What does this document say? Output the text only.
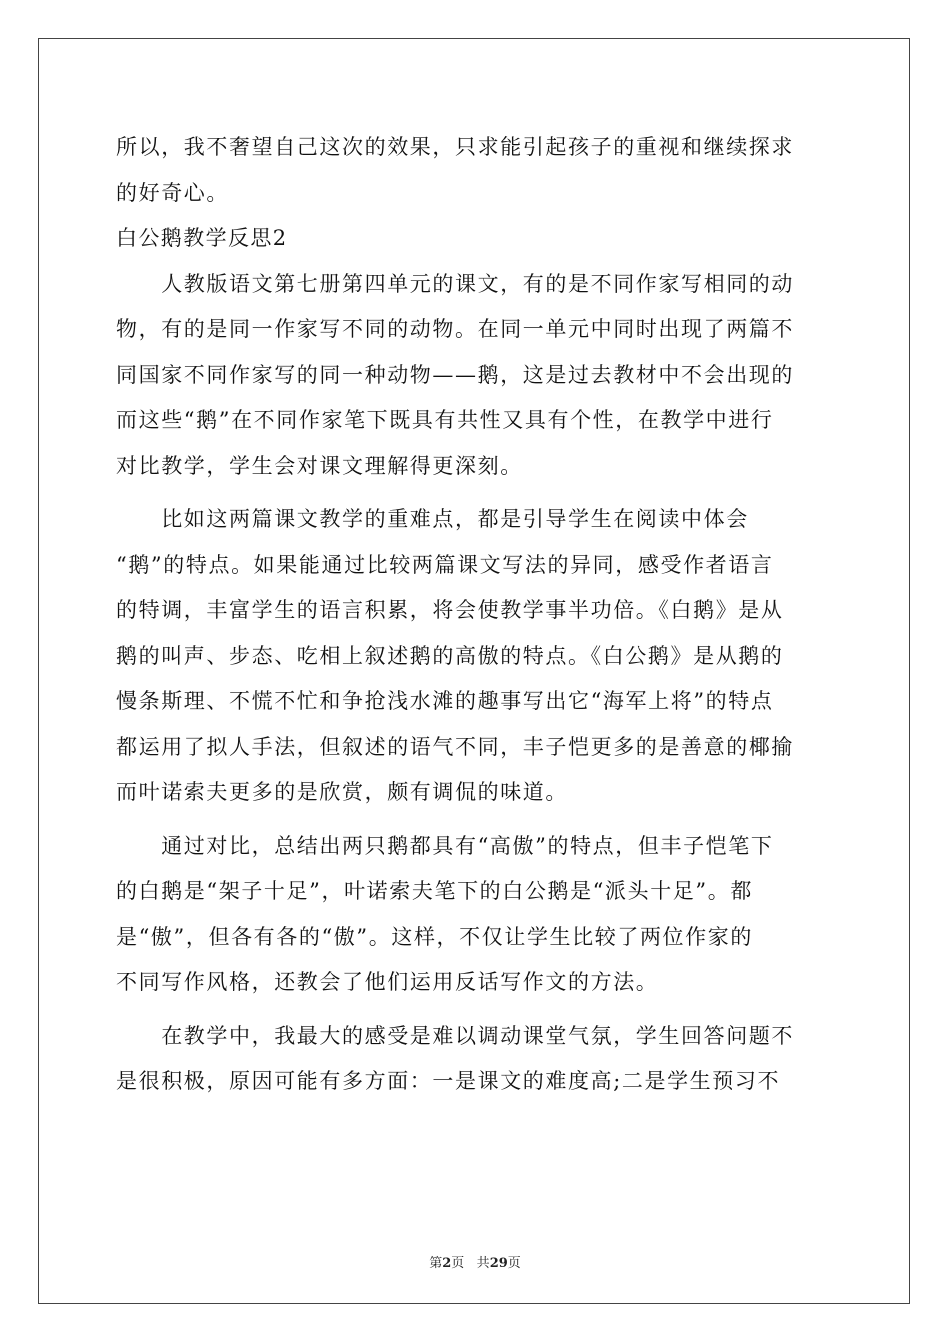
所以，我不奢望自己这次的效果，只求能引起孩子的重视和继续探求
的好奇心。
白公鹅教学反思2
　　人教版语文第七册第四单元的课文，有的是不同作家写相同的动
物，有的是同一作家写不同的动物。在同一单元中同时出现了两篇不
同国家不同作家写的同一种动物——鹅，这是过去教材中不会出现的
而这些“鹅”在不同作家笔下既具有共性又具有个性，在教学中进行
对比教学，学生会对课文理解得更深刻。
　　比如这两篇课文教学的重难点，都是引导学生在阅读中体会
“鹅”的特点。如果能通过比较两篇课文写法的异同，感受作者语言
的特调，丰富学生的语言积累，将会使教学事半功倍。《白鹅》是从
鹅的叫声、步态、吃相上叙述鹅的高傲的特点。《白公鹅》是从鹅的
慢条斯理、不慌不忙和争抢浅水滩的趣事写出它“海军上将”的特点
都运用了拟人手法，但叙述的语气不同，丰子恺更多的是善意的椰揄
而叶诺索夫更多的是欣赏，颇有调侃的味道。
　　通过对比，总结出两只鹅都具有“高傲”的特点，但丰子恺笔下
的白鹅是“架子十足”，叶诺索夫笔下的白公鹅是“派头十足”。都
是“傲”，但各有各的“傲”。这样，不仅让学生比较了两位作家的
不同写作风格，还教会了他们运用反话写作文的方法。
　　在教学中，我最大的感受是难以调动课堂气氛，学生回答问题不
是很积极，原因可能有多方面：一是课文的难度高;二是学生预习不
第2页 共29页
